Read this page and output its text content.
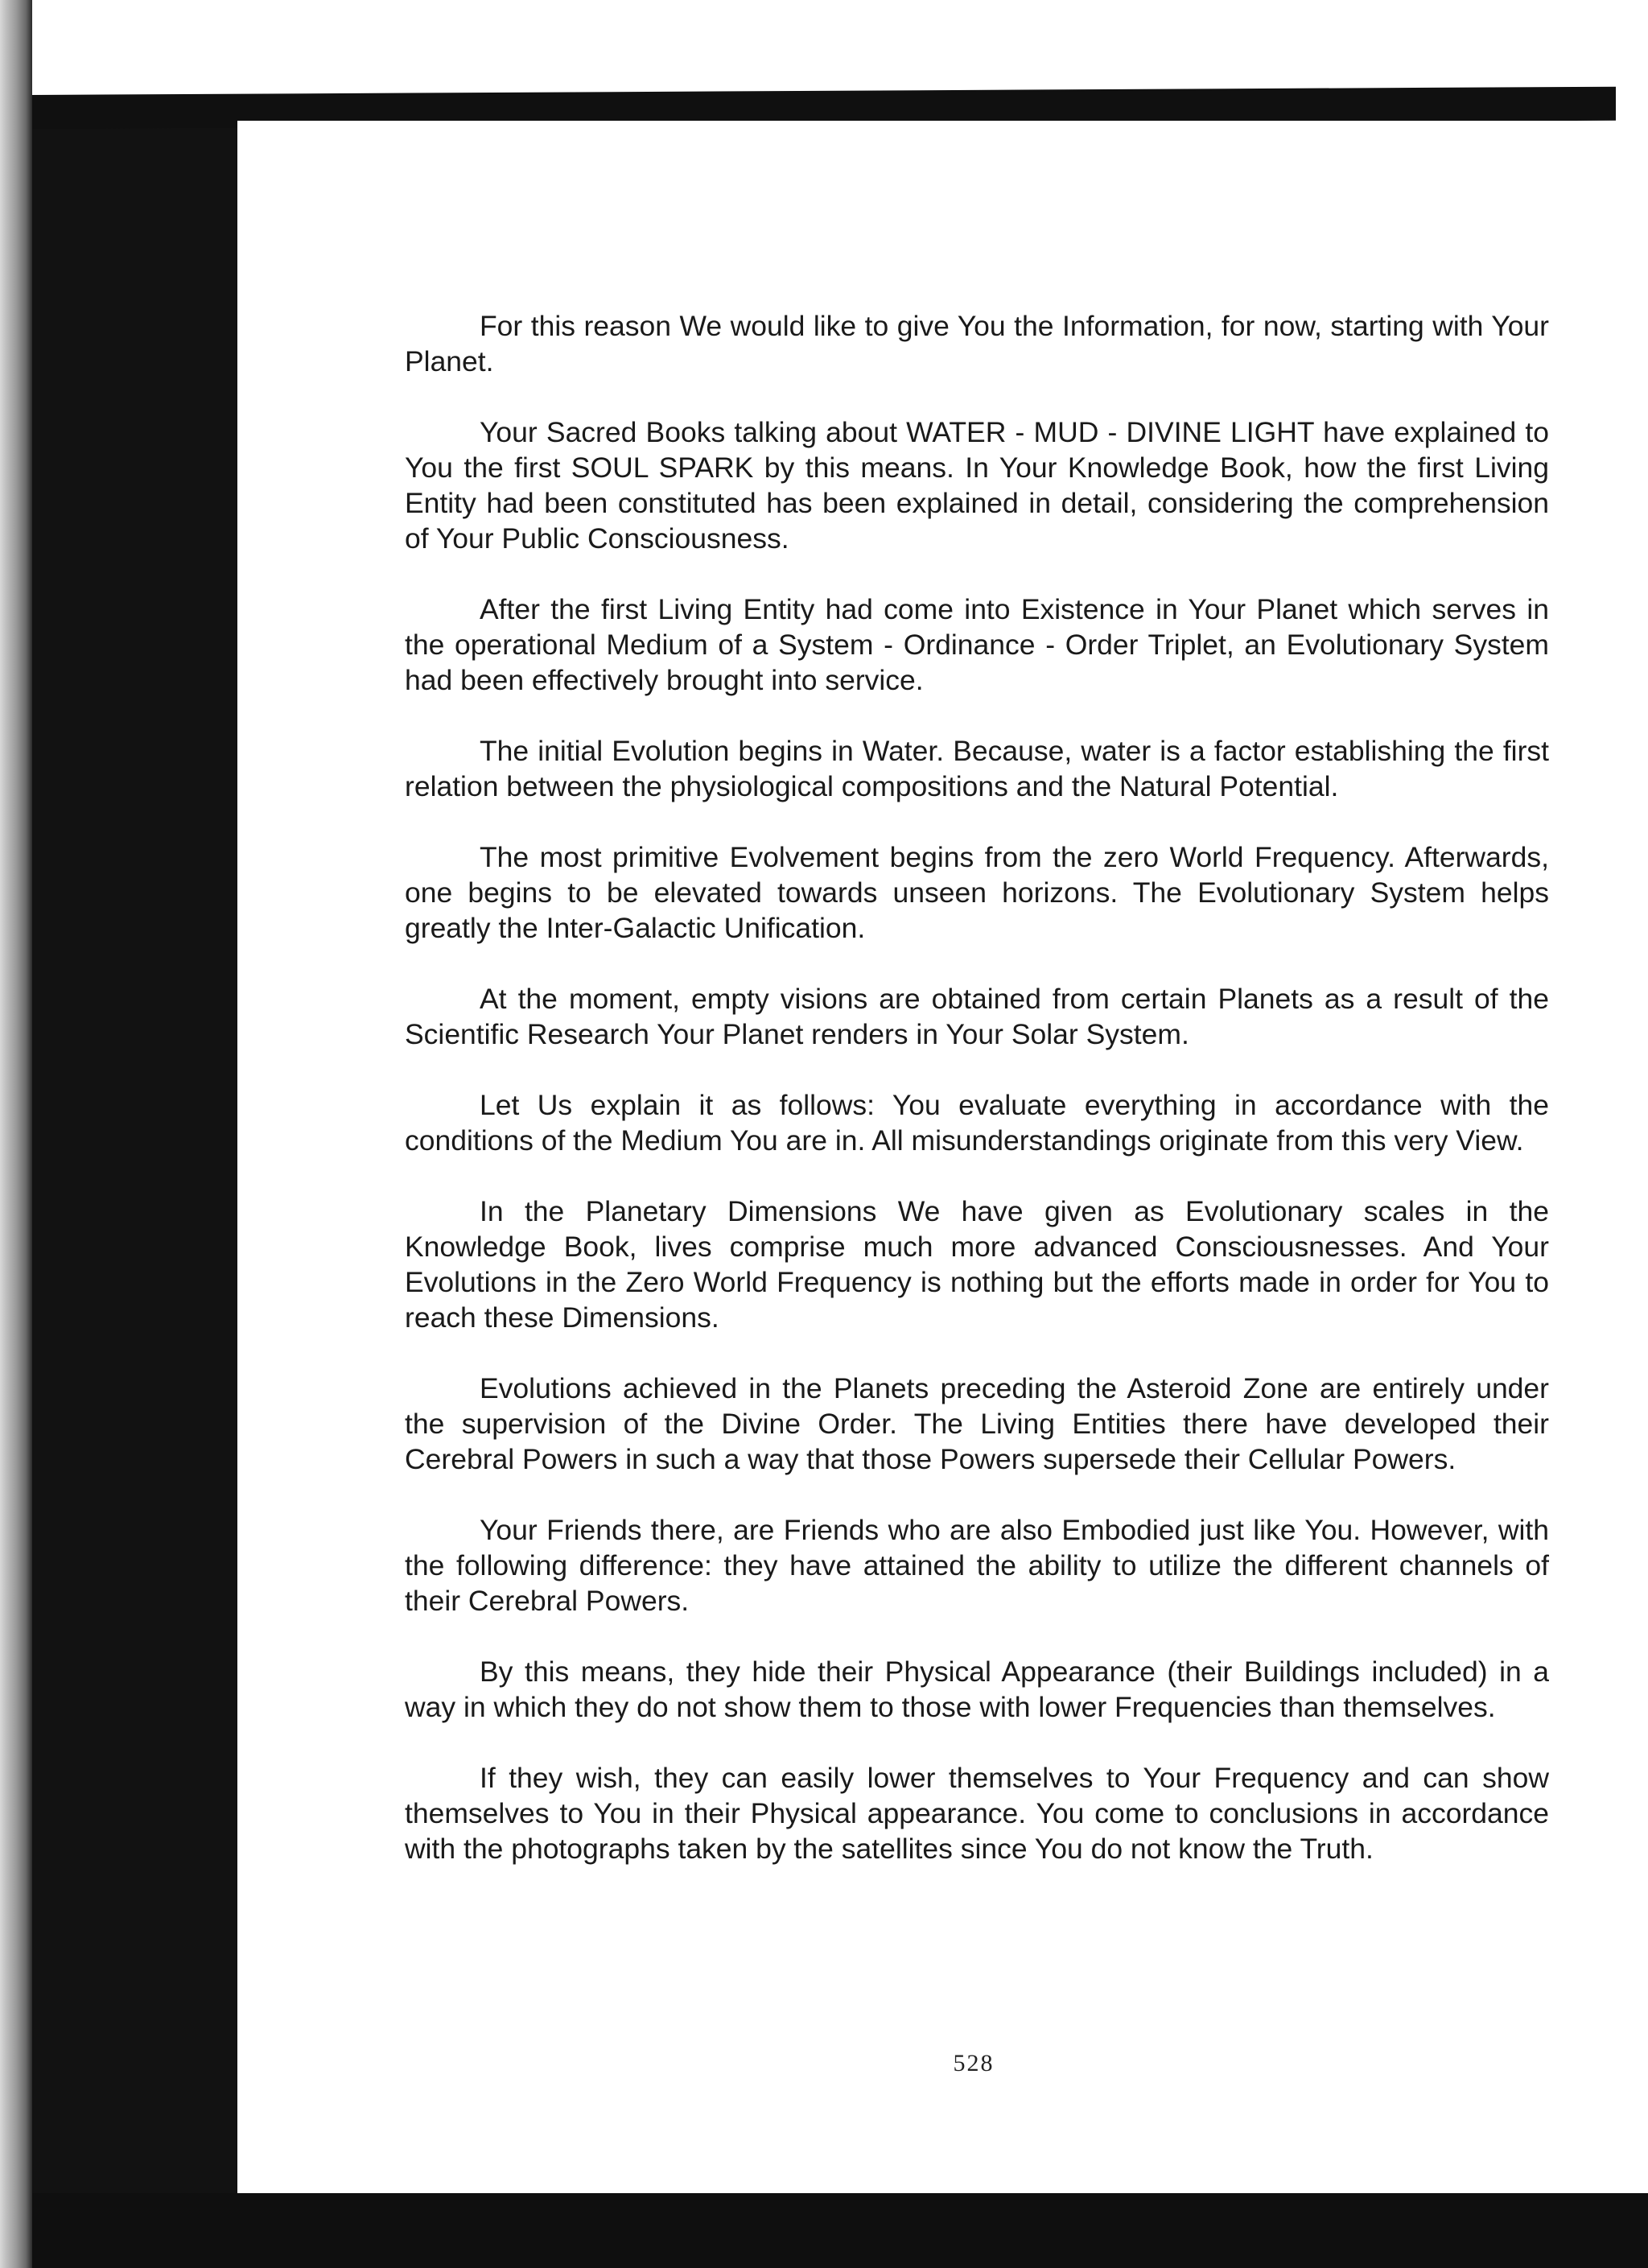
For this reason We would like to give You the Information, for now, starting with Your Planet.

Your Sacred Books talking about WATER - MUD - DIVINE LIGHT have explained to You the first SOUL SPARK by this means. In Your Knowledge Book, how the first Living Entity had been constituted has been explained in detail, considering the comprehension of Your Public Consciousness.

After the first Living Entity had come into Existence in Your Planet which serves in the operational Medium of a System - Ordinance - Order Triplet, an Evolutionary System had been effectively brought into service.

The initial Evolution begins in Water. Because, water is a factor establishing the first relation between the physiological compositions and the Natural Potential.

The most primitive Evolvement begins from the zero World Frequency. Afterwards, one begins to be elevated towards unseen horizons. The Evolutionary System helps greatly the Inter-Galactic Unification.

At the moment, empty visions are obtained from certain Planets as a result of the Scientific Research Your Planet renders in Your Solar System.

Let Us explain it as follows: You evaluate everything in accordance with the conditions of the Medium You are in. All misunderstandings originate from this very View.

In the Planetary Dimensions We have given as Evolutionary scales in the Knowledge Book, lives comprise much more advanced Consciousnesses. And Your Evolutions in the Zero World Frequency is nothing but the efforts made in order for You to reach these Dimensions.

Evolutions achieved in the Planets preceding the Asteroid Zone are entirely under the supervision of the Divine Order. The Living Entities there have developed their Cerebral Powers in such a way that those Powers supersede their Cellular Powers.

Your Friends there, are Friends who are also Embodied just like You. However, with the following difference: they have attained the ability to utilize the different channels of their Cerebral Powers.

By this means, they hide their Physical Appearance (their Buildings included) in a way in which they do not show them to those with lower Frequencies than themselves.

If they wish, they can easily lower themselves to Your Frequency and can show themselves to You in their Physical appearance. You come to conclusions in accordance with the photographs taken by the satellites since You do not know the Truth.

528
